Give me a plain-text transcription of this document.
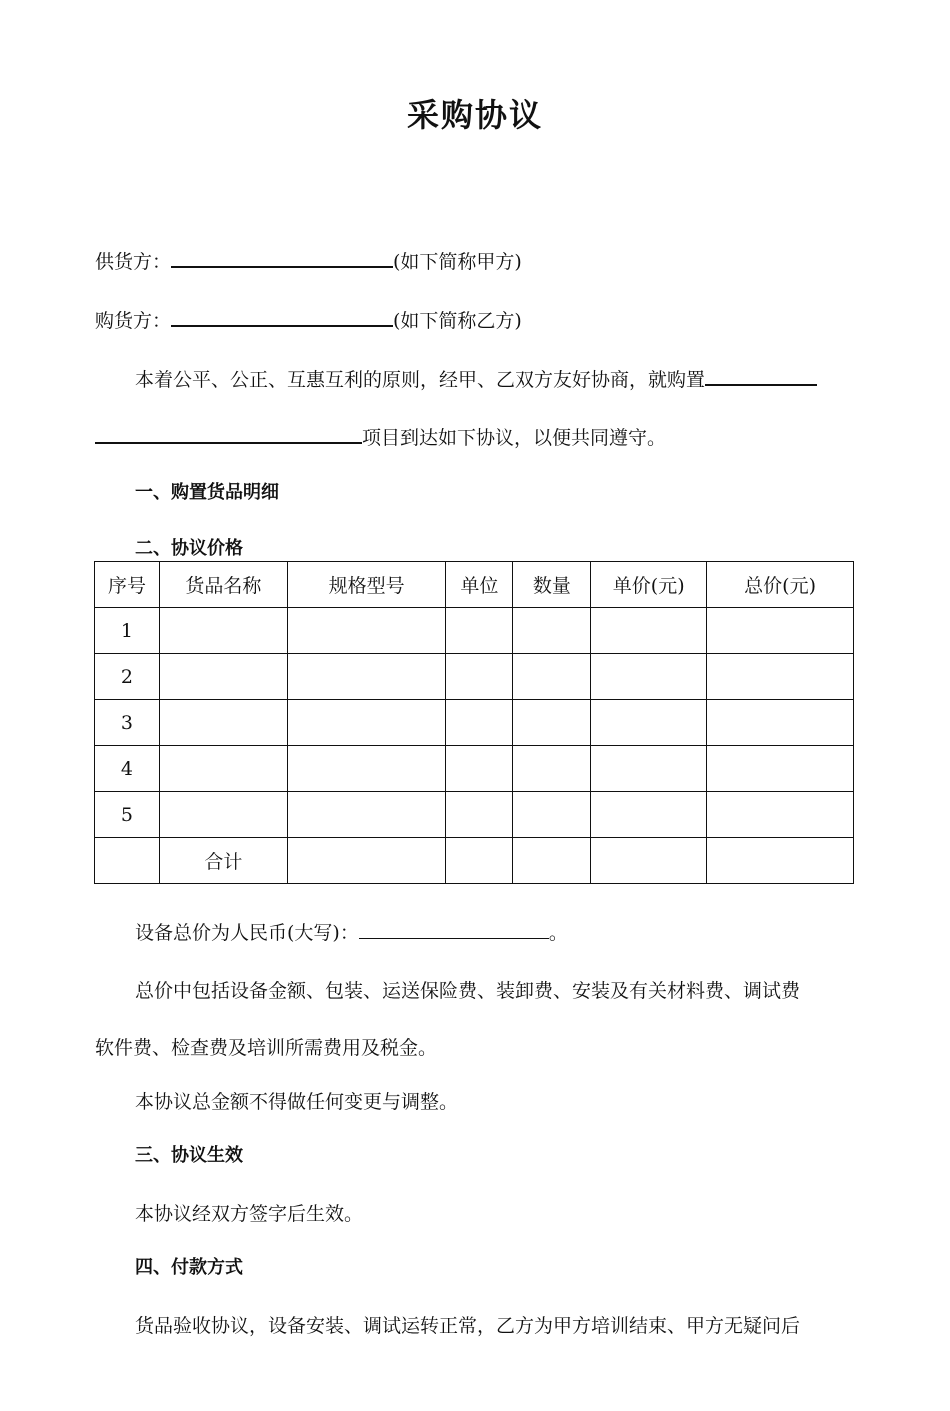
采购协议
供货方：	(如下简称甲方)
购货方：	(如下简称乙方)
本着公平、公正、互惠互利的原则，经甲、乙双方友好协商，就购置
项目到达如下协议，以便共同遵守。
一、购置货品明细
二、协议价格
序号	货品名称	规格型号	单位	数量	单价(元)	总价(元)
1						
2						
3						
4						
5						
	合计					
设备总价为人民币(大写)：	。
总价中包括设备金额、包装、运送保险费、装卸费、安装及有关材料费、调试费
软件费、检查费及培训所需费用及税金。
本协议总金额不得做任何变更与调整。
三、协议生效
本协议经双方签字后生效。
四、付款方式
货品验收协议，设备安装、调试运转正常，乙方为甲方培训结束、甲方无疑问后
